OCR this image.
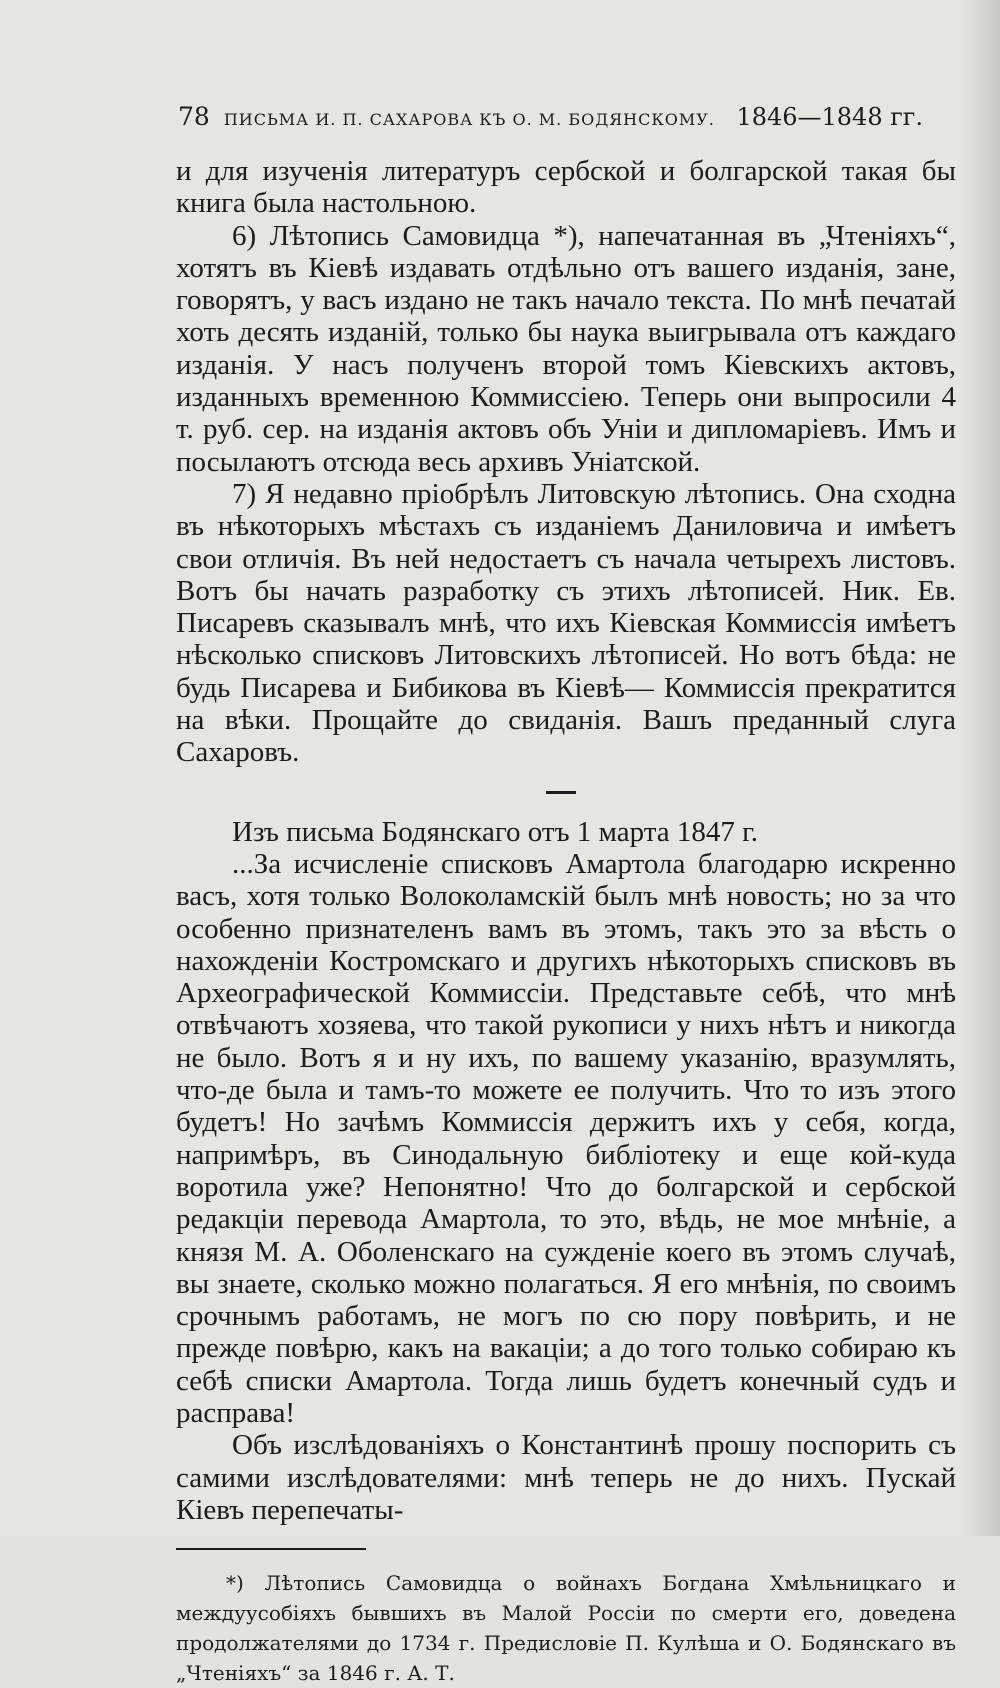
78 ПИСЬМА И. П. САХАРОВА КЪ О. М. БОДЯНСКОМУ. 1846—1848 гг.

и для изученія литературъ сербской и болгарской такая бы книга была настольною.

6) Лѣтопись Самовидца *), напечатанная въ „Чтеніяхъ“, хотятъ въ Кіевѣ издавать отдѣльно отъ вашего изданія, зане, говорятъ, у васъ издано не такъ начало текста. По мнѣ печатай хоть десять изданій, только бы наука выигрывала отъ каждаго изданія. У насъ полученъ второй томъ Кіевскихъ актовъ, изданныхъ временною Коммиссіею. Теперь они выпросили 4 т. руб. сер. на изданія актовъ объ Уніи и дипломаріевъ. Имъ и посылаютъ отсюда весь архивъ Уніатской.

7) Я недавно пріобрѣлъ Литовскую лѣтопись. Она сходна въ нѣкоторыхъ мѣстахъ съ изданіемъ Даниловича и имѣетъ свои отличія. Въ ней недостаетъ съ начала четырехъ листовъ. Вотъ бы начать разработку съ этихъ лѣтописей. Ник. Ев. Писаревъ сказывалъ мнѣ, что ихъ Кіевская Коммиссія имѣетъ нѣсколько списковъ Литовскихъ лѣтописей. Но вотъ бѣда: не будь Писарева и Бибикова въ Кіевѣ— Коммиссія прекратится на вѣки. Прощайте до свиданія. Вашъ преданный слуга Сахаровъ.

Изъ письма Бодянскаго отъ 1 марта 1847 г.

...За исчисленіе списковъ Амартола благодарю искренно васъ, хотя только Волоколамскій былъ мнѣ новость; но за что особенно признателенъ вамъ въ этомъ, такъ это за вѣсть о нахожденіи Костромскаго и другихъ нѣкоторыхъ списковъ въ Археографической Коммиссіи. Представьте себѣ, что мнѣ отвѣчаютъ хозяева, что такой рукописи у нихъ нѣтъ и никогда не было. Вотъ я и ну ихъ, по вашему указанію, вразумлять, что-де была и тамъ-то можете ее получить. Что то изъ этого будетъ! Но зачѣмъ Коммиссія держитъ ихъ у себя, когда, напримѣръ, въ Синодальную библіотеку и еще кой-куда воротила уже? Непонятно! Что до болгарской и сербской редакціи перевода Амартола, то это, вѣдь, не мое мнѣніе, а князя М. А. Оболенскаго на сужденіе коего въ этомъ случаѣ, вы знаете, сколько можно полагаться. Я его мнѣнія, по своимъ срочнымъ работамъ, не могъ по сю пору повѣрить, и не прежде повѣрю, какъ на вакаціи; а до того только собираю къ себѣ списки Амартола. Тогда лишь будетъ конечный судъ и расправа!

Объ изслѣдованіяхъ о Константинѣ прошу поспорить съ самими изслѣдователями: мнѣ теперь не до нихъ. Пускай Кіевъ перепечаты-

*) Лѣтопись Самовидца о войнахъ Богдана Хмѣльницкаго и междуусобіяхъ бывшихъ въ Малой Россіи по смерти его, доведена продолжателями до 1734 г. Предисловіе П. Кулѣша и О. Бодянскаго въ „Чтеніяхъ“ за 1846 г. А. Т.
